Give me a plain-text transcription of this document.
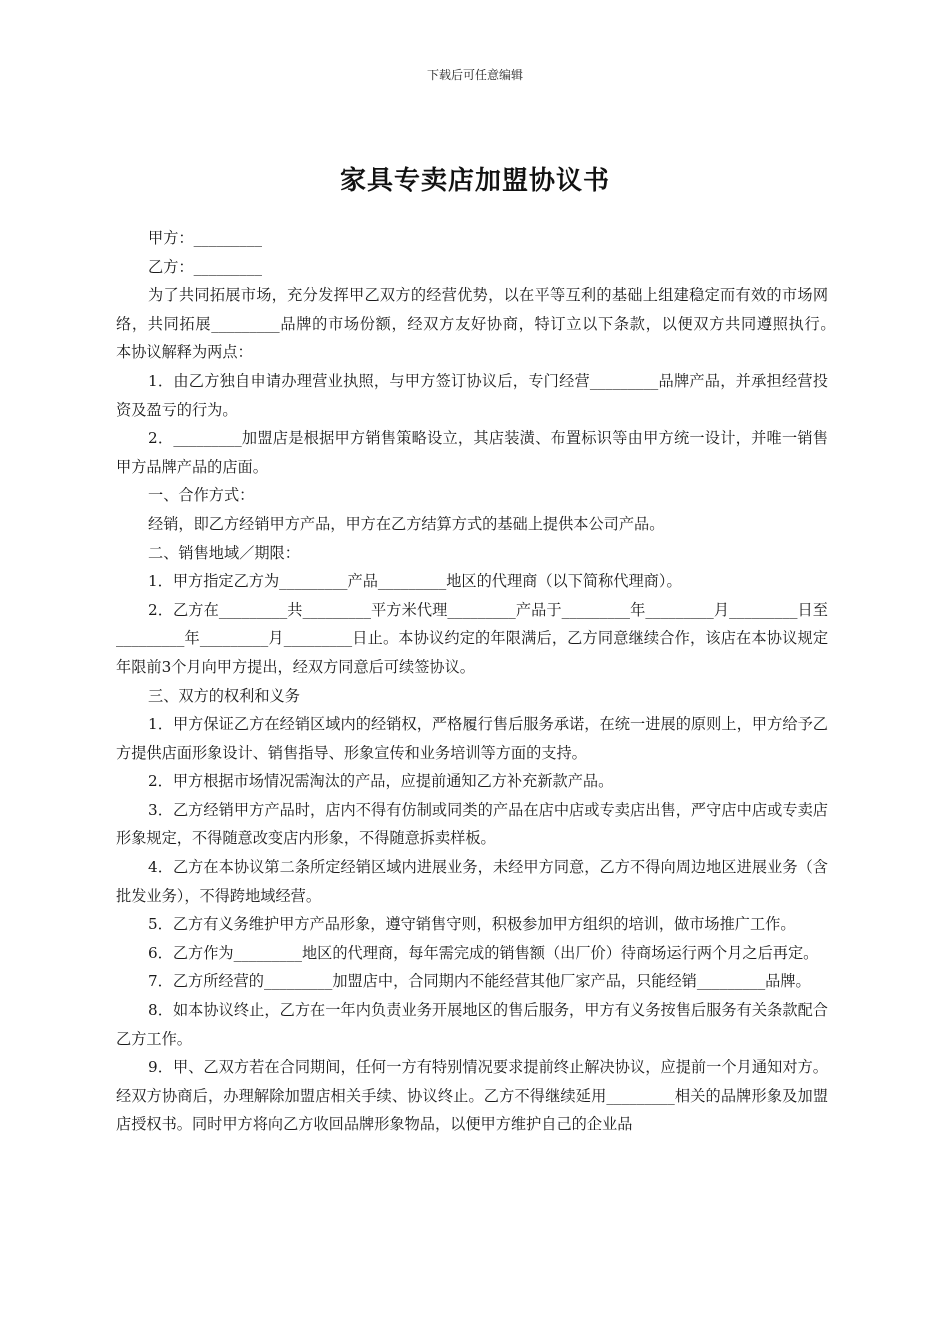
下载后可任意编辑
家具专卖店加盟协议书

甲方：_________

乙方：_________

为了共同拓展市场，充分发挥甲乙双方的经营优势，以在平等互利的基础上组建稳定而有效的市场网络，共同拓展_________品牌的市场份额，经双方友好协商，特订立以下条款，以便双方共同遵照执行。　　本协议解释为两点：

1．由乙方独自申请办理营业执照，与甲方签订协议后，专门经营_________品牌产品，并承担经营投资及盈亏的行为。

2．_________加盟店是根据甲方销售策略设立，其店装潢、布置标识等由甲方统一设计，并唯一销售甲方品牌产品的店面。

一、合作方式：

经销，即乙方经销甲方产品，甲方在乙方结算方式的基础上提供本公司产品。

二、销售地域／期限：

1．甲方指定乙方为_________产品_________地区的代理商（以下简称代理商）。

2．乙方在_________共_________平方米代理_________产品于_________年_________月_________日至_________年_________月_________日止。本协议约定的年限满后，乙方同意继续合作，该店在本协议规定年限前3个月向甲方提出，经双方同意后可续签协议。

三、双方的权利和义务

1．甲方保证乙方在经销区域内的经销权，严格履行售后服务承诺，在统一进展的原则上，甲方给予乙方提供店面形象设计、销售指导、形象宣传和业务培训等方面的支持。

2．甲方根据市场情况需淘汰的产品，应提前通知乙方补充新款产品。

3．乙方经销甲方产品时，店内不得有仿制或同类的产品在店中店或专卖店出售，严守店中店或专卖店形象规定，不得随意改变店内形象，不得随意拆卖样板。

4．乙方在本协议第二条所定经销区域内进展业务，未经甲方同意，乙方不得向周边地区进展业务（含批发业务），不得跨地域经营。

5．乙方有义务维护甲方产品形象，遵守销售守则，积极参加甲方组织的培训，做市场推广工作。

6．乙方作为_________地区的代理商，每年需完成的销售额（出厂价）待商场运行两个月之后再定。

7．乙方所经营的_________加盟店中，合同期内不能经营其他厂家产品，只能经销_________品牌。

8．如本协议终止，乙方在一年内负责业务开展地区的售后服务，甲方有义务按售后服务有关条款配合乙方工作。

9．甲、乙双方若在合同期间，任何一方有特别情况要求提前终止解决协议，应提前一个月通知对方。经双方协商后，办理解除加盟店相关手续、协议终止。乙方不得继续延用_________相关的品牌形象及加盟店授权书。同时甲方将向乙方收回品牌形象物品，以便甲方维护自己的企业品
